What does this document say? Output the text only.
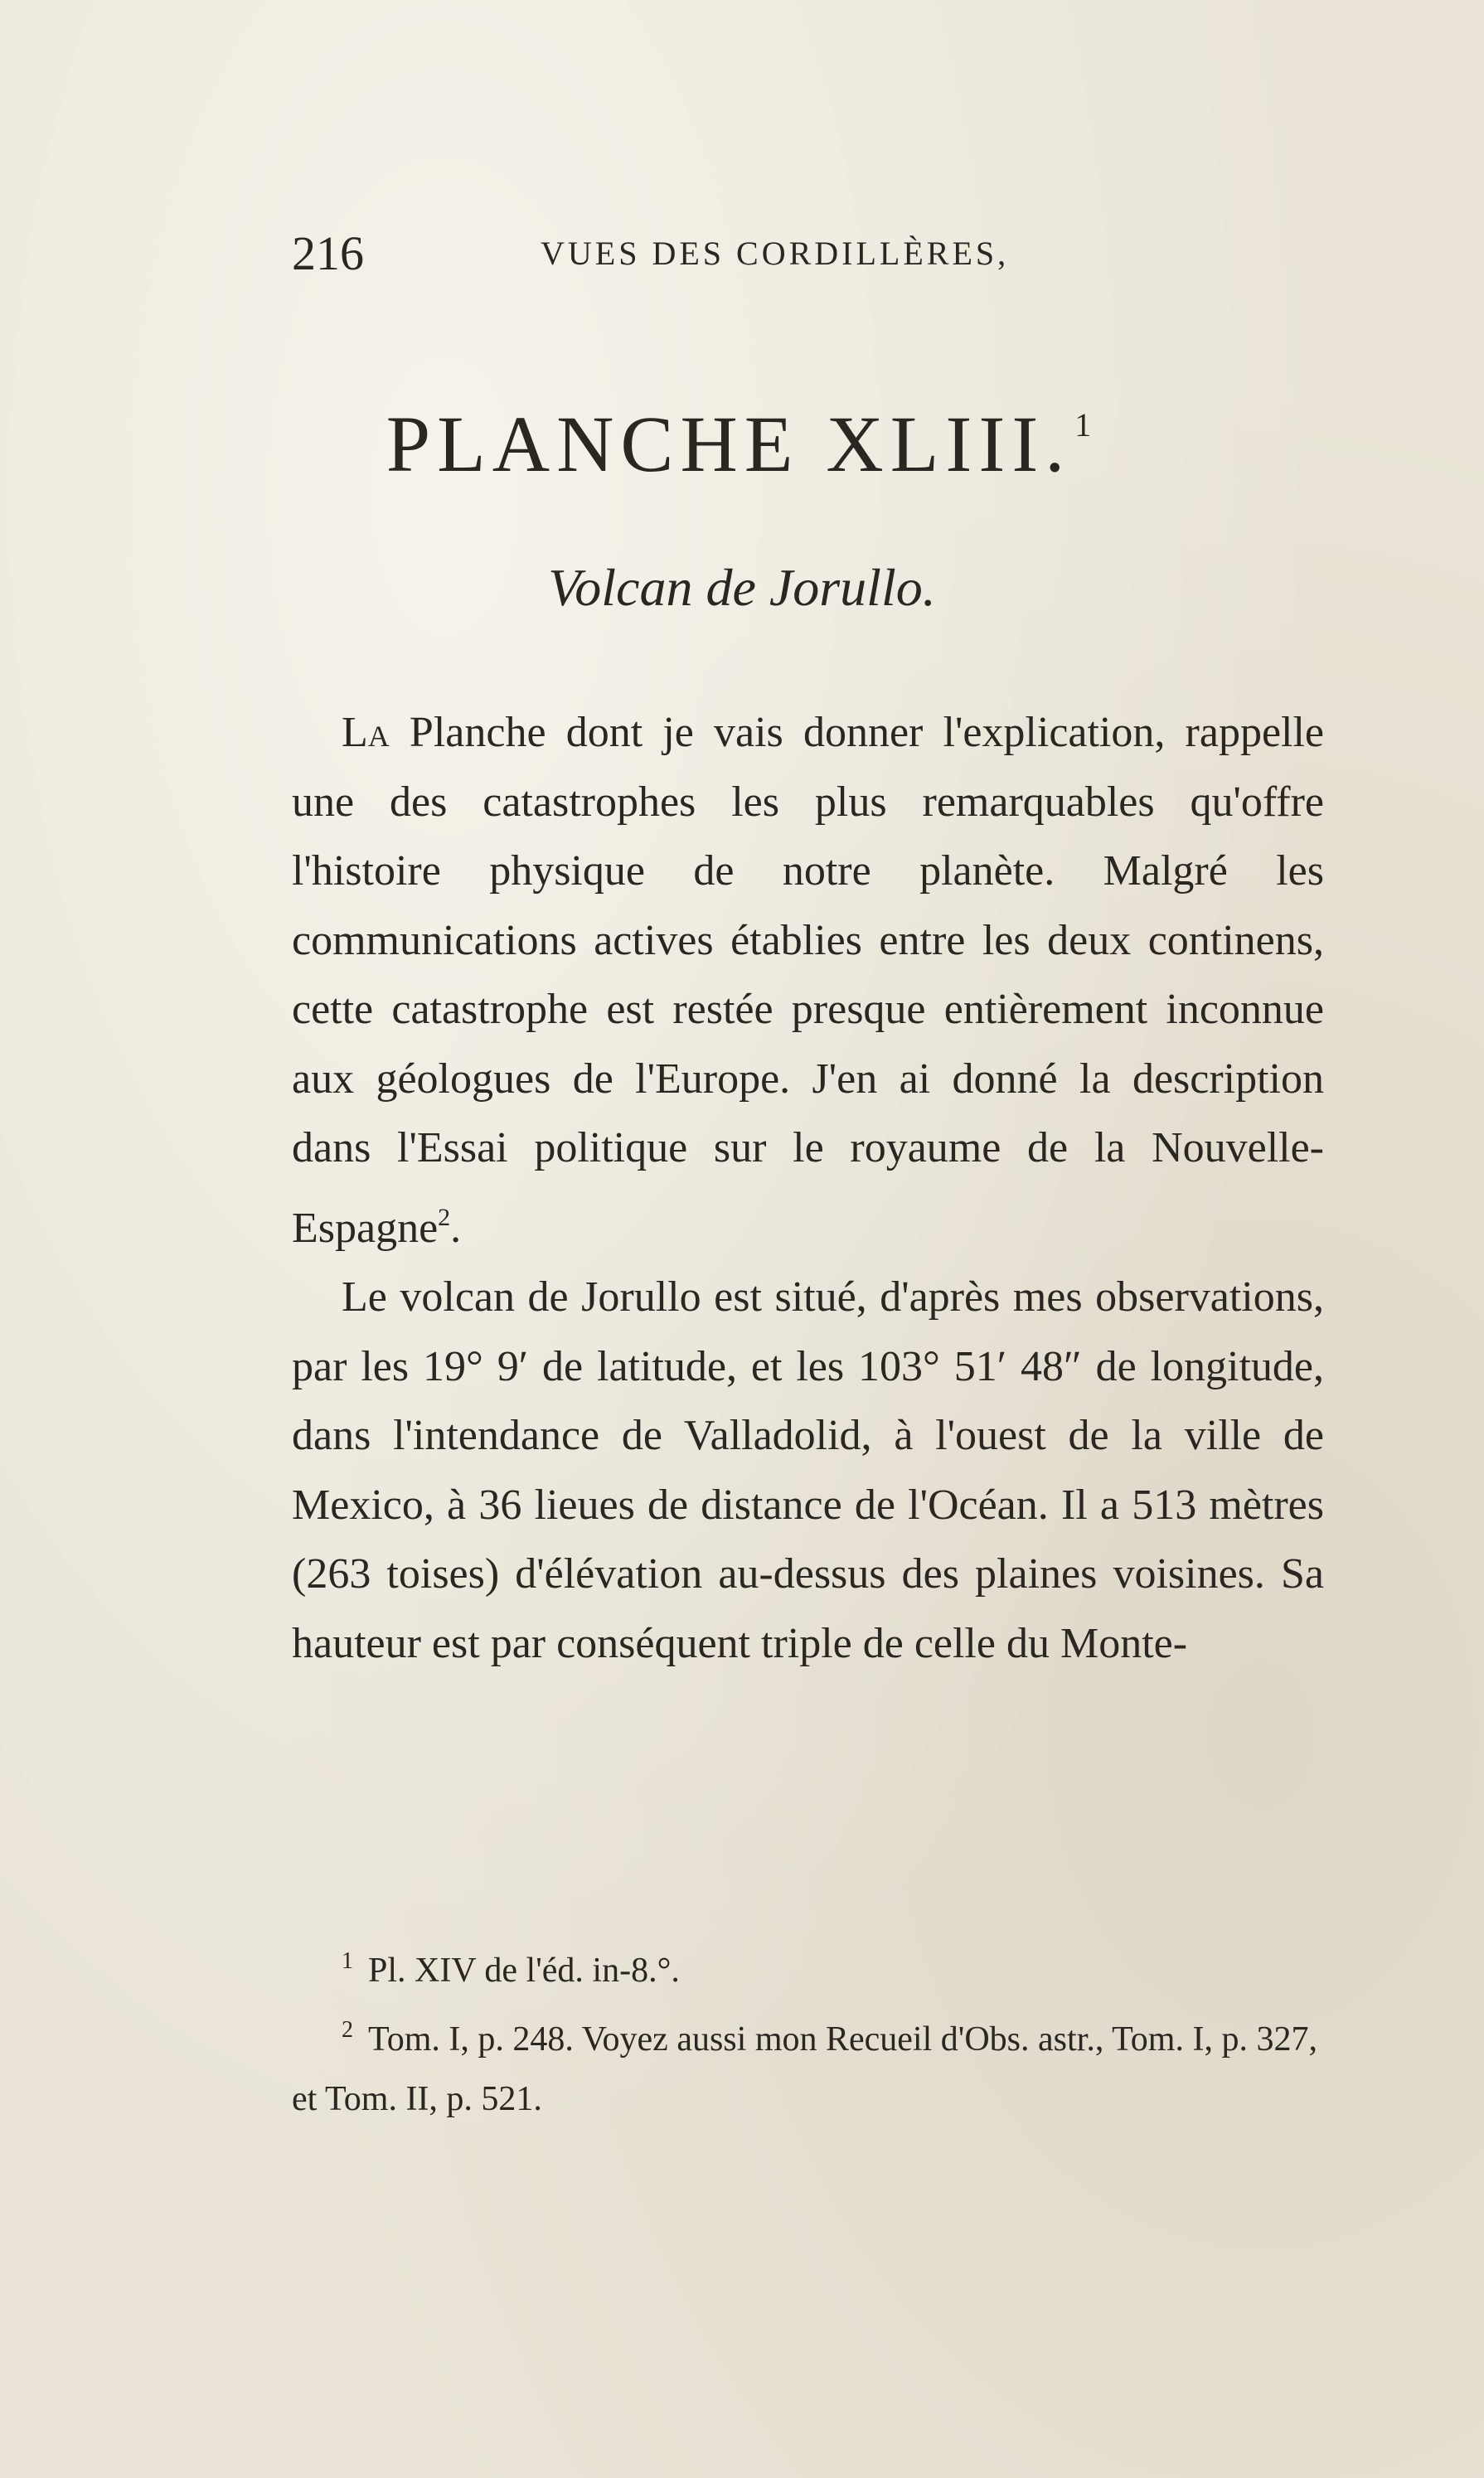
216	VUES DES CORDILLÈRES,
PLANCHE XLIII. $^1$
Volcan de Jorullo.

La Planche dont je vais donner l'explication, rappelle une des catastrophes les plus remarquables qu'offre l'histoire physique de notre planète. Malgré les communications actives établies entre les deux continens, cette catastrophe est restée presque entièrement inconnue aux géologues de l'Europe. J'en ai donné la description dans l'Essai politique sur le royaume de la Nouvelle-Espagne$^2$.

Le volcan de Jorullo est situé, d'après mes observations, par les 19° 9′ de latitude, et les 103° 51′ 48″ de longitude, dans l'intendance de Valladolid, à l'ouest de la ville de Mexico, à 36 lieues de distance de l'Océan. Il a 513 mètres (263 toises) d'élévation au-dessus des plaines voisines. Sa hauteur est par conséquent triple de celle du Monte-

$^1$ Pl. XIV de l'éd. in-8.°.

$^2$ Tom. I, p. 248. Voyez aussi mon Recueil d'Obs. astr., Tom. I, p. 327, et Tom. II, p. 521.
